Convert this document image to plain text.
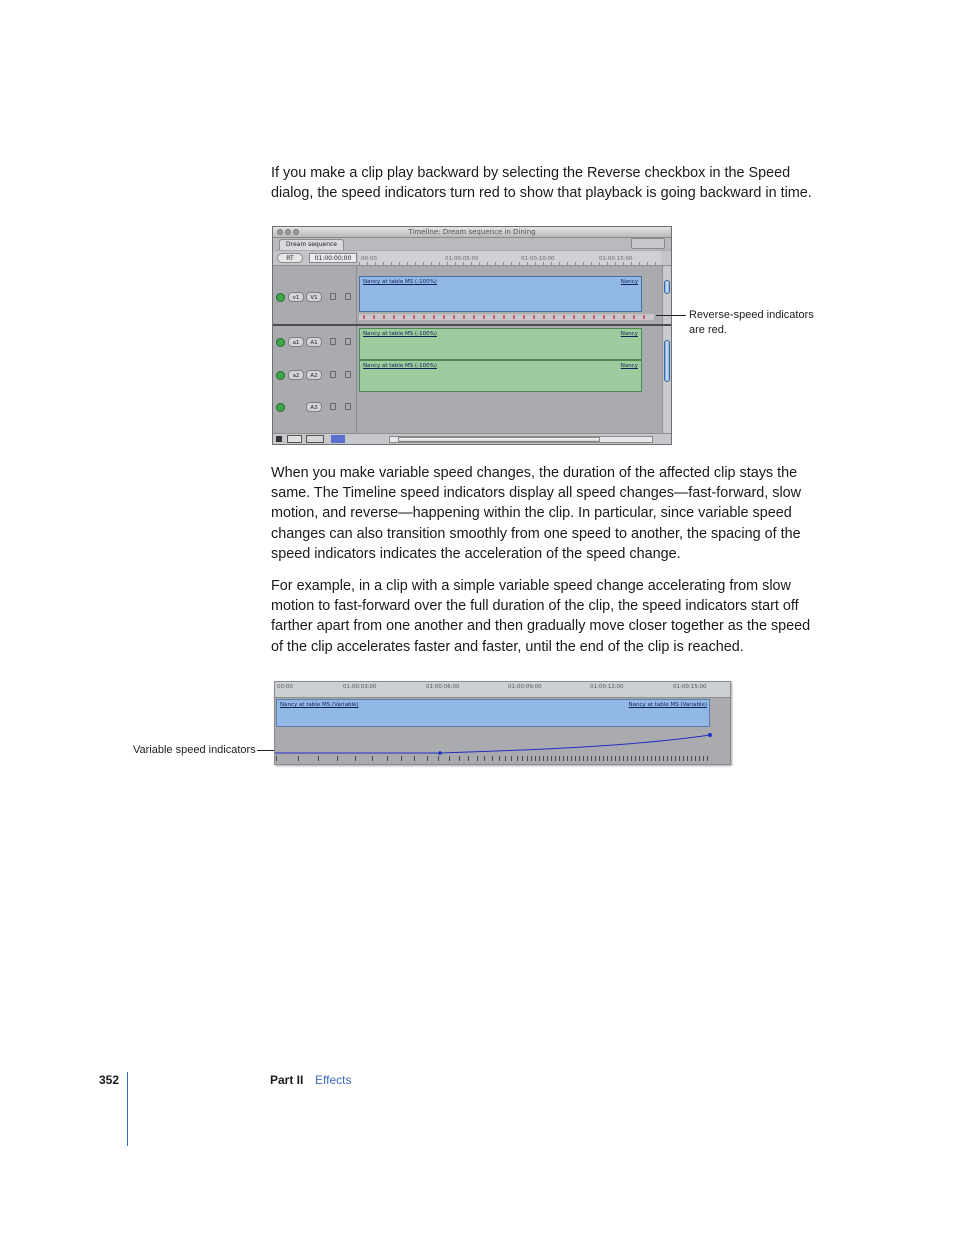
If you make a clip play backward by selecting the Reverse checkbox in the Speed dialog, the speed indicators turn red to show that playback is going backward in time.

Timeline: Dream sequence in Dining
Dream sequence
RT	01:00:00;00	00:00	01:00:05:00	01:00:10:00	01:00:15:00
v1	V1
Nancy at table MS (-100%)	Nancy
a1	A1
a2	A2
A3
Nancy at table MS (-100%)	Nancy
Nancy at table MS (-100%)	Nancy
Reverse-speed indicators are red.

When you make variable speed changes, the duration of the affected clip stays the same. The Timeline speed indicators display all speed changes—fast-forward, slow motion, and reverse—happening within the clip. In particular, since variable speed changes can also transition smoothly from one speed to another, the spacing of the speed indicators indicates the acceleration of the speed change.

For example, in a clip with a simple variable speed change accelerating from slow motion to fast-forward over the full duration of the clip, the speed indicators start off farther apart from one another and then gradually move closer together as the speed of the clip accelerates faster and faster, until the end of the clip is reached.

00:00	01:00:03:00	01:00:06:00	01:00:09:00	01:00:12:00	01:00:15:00
Nancy at table MS (Variable)	Nancy at table MS (Variable)
Variable speed indicators
352	Part II Effects
